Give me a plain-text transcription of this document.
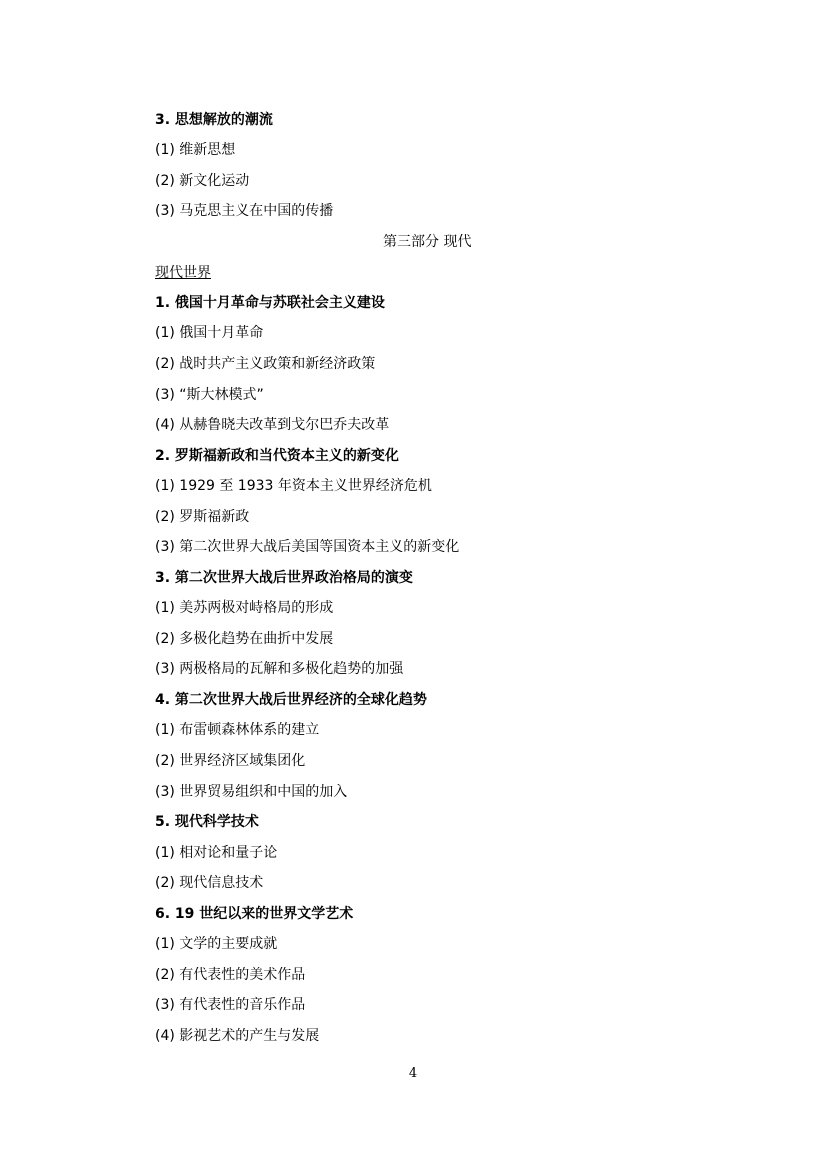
3. 思想解放的潮流
(1) 维新思想
(2) 新文化运动
(3) 马克思主义在中国的传播
第三部分 现代
现代世界
1. 俄国十月革命与苏联社会主义建设
(1) 俄国十月革命
(2) 战时共产主义政策和新经济政策
(3) “斯大林模式”
(4) 从赫鲁晓夫改革到戈尔巴乔夫改革
2. 罗斯福新政和当代资本主义的新变化
(1) 1929 至 1933 年资本主义世界经济危机
(2) 罗斯福新政
(3) 第二次世界大战后美国等国资本主义的新变化
3. 第二次世界大战后世界政治格局的演变
(1) 美苏两极对峙格局的形成
(2) 多极化趋势在曲折中发展
(3) 两极格局的瓦解和多极化趋势的加强
4. 第二次世界大战后世界经济的全球化趋势
(1) 布雷顿森林体系的建立
(2) 世界经济区域集团化
(3) 世界贸易组织和中国的加入
5. 现代科学技术
(1) 相对论和量子论
(2) 现代信息技术
6. 19 世纪以来的世界文学艺术
(1) 文学的主要成就
(2) 有代表性的美术作品
(3) 有代表性的音乐作品
(4) 影视艺术的产生与发展
4
